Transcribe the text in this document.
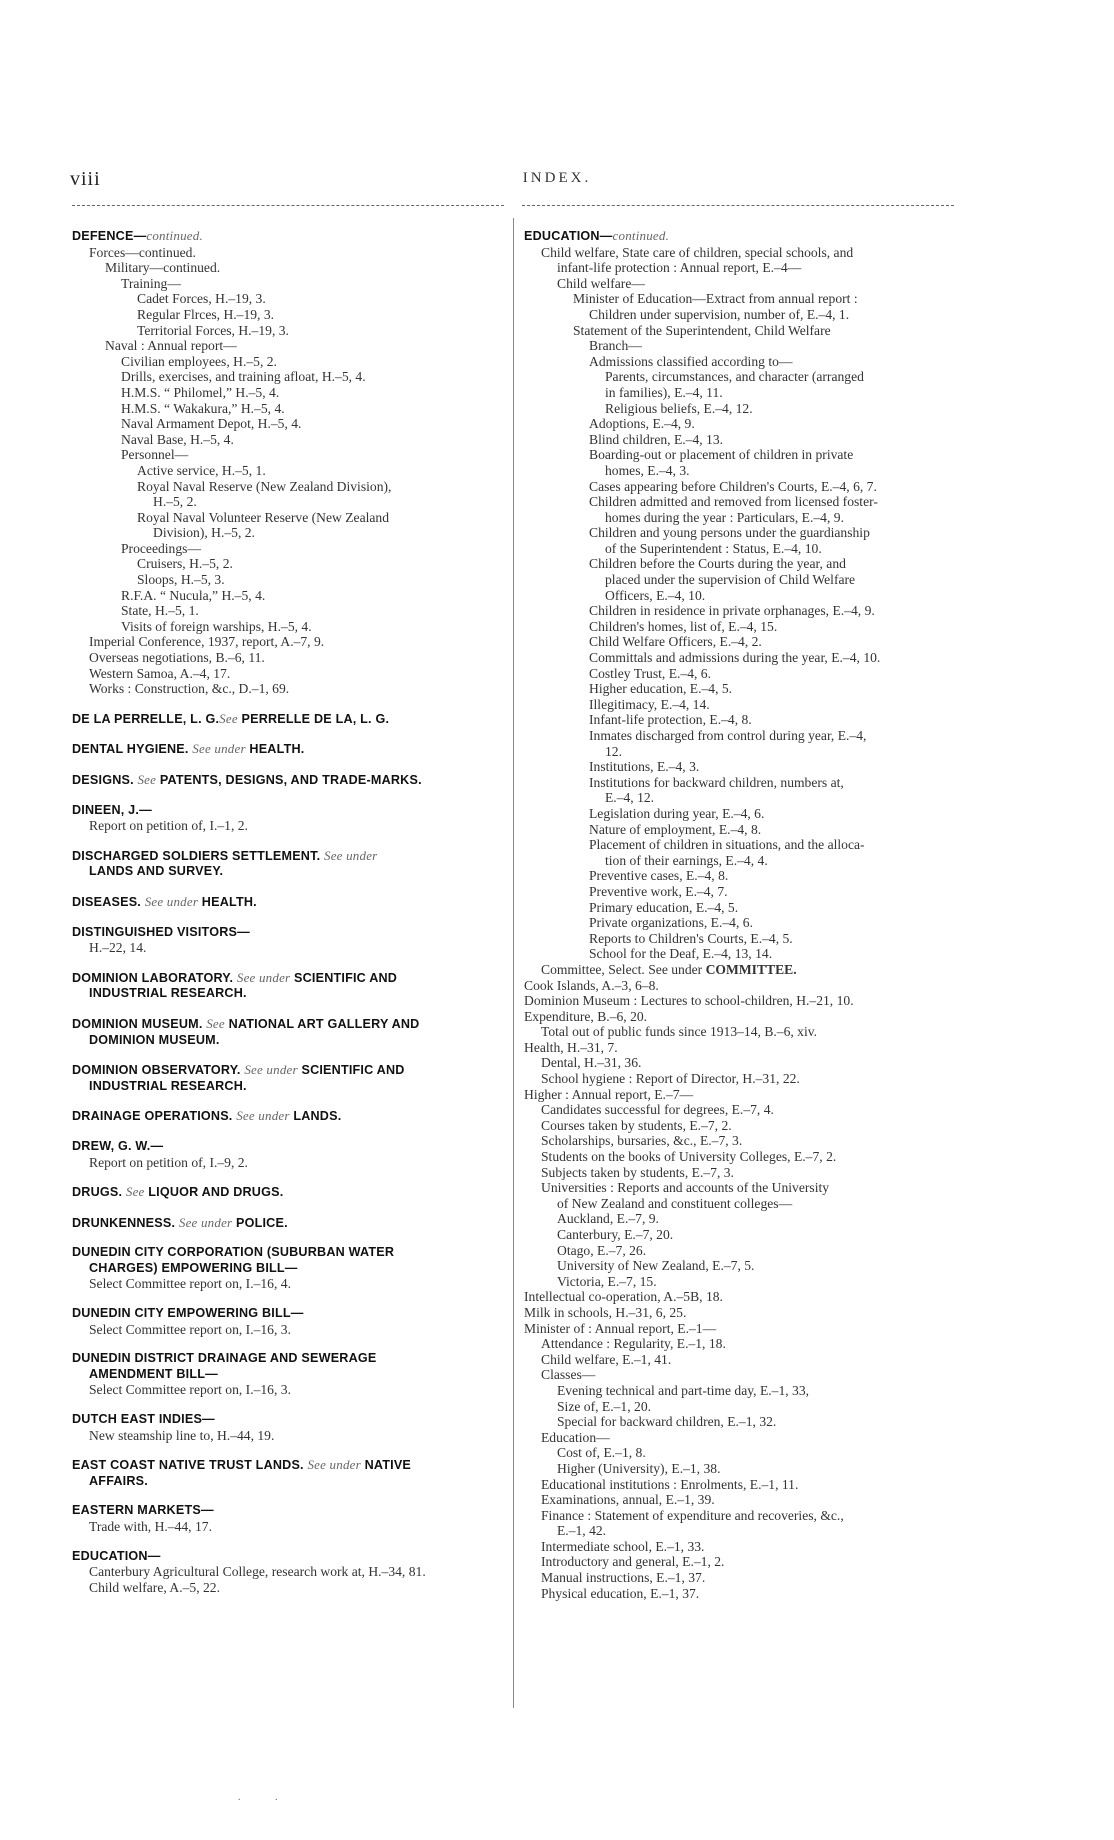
viii	INDEX.
DEFENCE—continued.
Forces—continued.
Military—continued.
Training—
Cadet Forces, H.–19, 3.
Regular Flrces, H.–19, 3.
Territorial Forces, H.–19, 3.
Naval : Annual report—
Civilian employees, H.–5, 2.
Drills, exercises, and training afloat, H.–5, 4.
H.M.S. “ Philomel,” H.–5, 4.
H.M.S. “ Wakakura,” H.–5, 4.
Naval Armament Depot, H.–5, 4.
Naval Base, H.–5, 4.
Personnel—
Active service, H.–5, 1.
Royal Naval Reserve (New Zealand Division),
H.–5, 2.
Royal Naval Volunteer Reserve (New Zealand
Division), H.–5, 2.
Proceedings—
Cruisers, H.–5, 2.
Sloops, H.–5, 3.
R.F.A. “ Nucula,” H.–5, 4.
State, H.–5, 1.
Visits of foreign warships, H.–5, 4.
Imperial Conference, 1937, report, A.–7, 9.
Overseas negotiations, B.–6, 11.
Western Samoa, A.–4, 17.
Works : Construction, &c., D.–1, 69.
DE LA PERRELLE, L. G.See PERRELLE DE LA, L. G.
DENTAL HYGIENE. See under HEALTH.
DESIGNS. See PATENTS, DESIGNS, AND TRADE-MARKS.
DINEEN, J.—
Report on petition of, I.–1, 2.
DISCHARGED SOLDIERS SETTLEMENT. See under
LANDS AND SURVEY.
DISEASES. See under HEALTH.
DISTINGUISHED VISITORS—
H.–22, 14.
DOMINION LABORATORY. See under SCIENTIFIC AND
INDUSTRIAL RESEARCH.
DOMINION MUSEUM. See NATIONAL ART GALLERY AND
DOMINION MUSEUM.
DOMINION OBSERVATORY. See under SCIENTIFIC AND
INDUSTRIAL RESEARCH.
DRAINAGE OPERATIONS. See under LANDS.
DREW, G. W.—
Report on petition of, I.–9, 2.
DRUGS. See LIQUOR AND DRUGS.
DRUNKENNESS. See under POLICE.
DUNEDIN CITY CORPORATION (SUBURBAN WATER
CHARGES) EMPOWERING BILL—
Select Committee report on, I.–16, 4.
DUNEDIN CITY EMPOWERING BILL—
Select Committee report on, I.–16, 3.
DUNEDIN DISTRICT DRAINAGE AND SEWERAGE
AMENDMENT BILL—
Select Committee report on, I.–16, 3.
DUTCH EAST INDIES—
New steamship line to, H.–44, 19.
EAST COAST NATIVE TRUST LANDS. See under NATIVE
AFFAIRS.
EASTERN MARKETS—
Trade with, H.–44, 17.
EDUCATION—
Canterbury Agricultural College, research work at, H.–34, 81.
Child welfare, A.–5, 22.
EDUCATION—continued.
Child welfare, State care of children, special schools, and
infant-life protection : Annual report, E.–4—
Child welfare—
Minister of Education—Extract from annual report :
Children under supervision, number of, E.–4, 1.
Statement of the Superintendent, Child Welfare
Branch—
Admissions classified according to—
Parents, circumstances, and character (arranged
in families), E.–4, 11.
Religious beliefs, E.–4, 12.
Adoptions, E.–4, 9.
Blind children, E.–4, 13.
Boarding-out or placement of children in private
homes, E.–4, 3.
Cases appearing before Children's Courts, E.–4, 6, 7.
Children admitted and removed from licensed foster-
homes during the year : Particulars, E.–4, 9.
Children and young persons under the guardianship
of the Superintendent : Status, E.–4, 10.
Children before the Courts during the year, and
placed under the supervision of Child Welfare
Officers, E.–4, 10.
Children in residence in private orphanages, E.–4, 9.
Children's homes, list of, E.–4, 15.
Child Welfare Officers, E.–4, 2.
Committals and admissions during the year, E.–4, 10.
Costley Trust, E.–4, 6.
Higher education, E.–4, 5.
Illegitimacy, E.–4, 14.
Infant-life protection, E.–4, 8.
Inmates discharged from control during year, E.–4,
12.
Institutions, E.–4, 3.
Institutions for backward children, numbers at,
E.–4, 12.
Legislation during year, E.–4, 6.
Nature of employment, E.–4, 8.
Placement of children in situations, and the alloca-
tion of their earnings, E.–4, 4.
Preventive cases, E.–4, 8.
Preventive work, E.–4, 7.
Primary education, E.–4, 5.
Private organizations, E.–4, 6.
Reports to Children's Courts, E.–4, 5.
School for the Deaf, E.–4, 13, 14.
Committee, Select. See under COMMITTEE.
Cook Islands, A.–3, 6–8.
Dominion Museum : Lectures to school-children, H.–21, 10.
Expenditure, B.–6, 20.
Total out of public funds since 1913–14, B.–6, xiv.
Health, H.–31, 7.
Dental, H.–31, 36.
School hygiene : Report of Director, H.–31, 22.
Higher : Annual report, E.–7—
Candidates successful for degrees, E.–7, 4.
Courses taken by students, E.–7, 2.
Scholarships, bursaries, &c., E.–7, 3.
Students on the books of University Colleges, E.–7, 2.
Subjects taken by students, E.–7, 3.
Universities : Reports and accounts of the University
of New Zealand and constituent colleges—
Auckland, E.–7, 9.
Canterbury, E.–7, 20.
Otago, E.–7, 26.
University of New Zealand, E.–7, 5.
Victoria, E.–7, 15.
Intellectual co-operation, A.–5B, 18.
Milk in schools, H.–31, 6, 25.
Minister of : Annual report, E.–1—
Attendance : Regularity, E.–1, 18.
Child welfare, E.–1, 41.
Classes—
Evening technical and part-time day, E.–1, 33,
Size of, E.–1, 20.
Special for backward children, E.–1, 32.
Education—
Cost of, E.–1, 8.
Higher (University), E.–1, 38.
Educational institutions : Enrolments, E.–1, 11.
Examinations, annual, E.–1, 39.
Finance : Statement of expenditure and recoveries, &c.,
E.–1, 42.
Intermediate school, E.–1, 33.
Introductory and general, E.–1, 2.
Manual instructions, E.–1, 37.
Physical education, E.–1, 37.
. .
